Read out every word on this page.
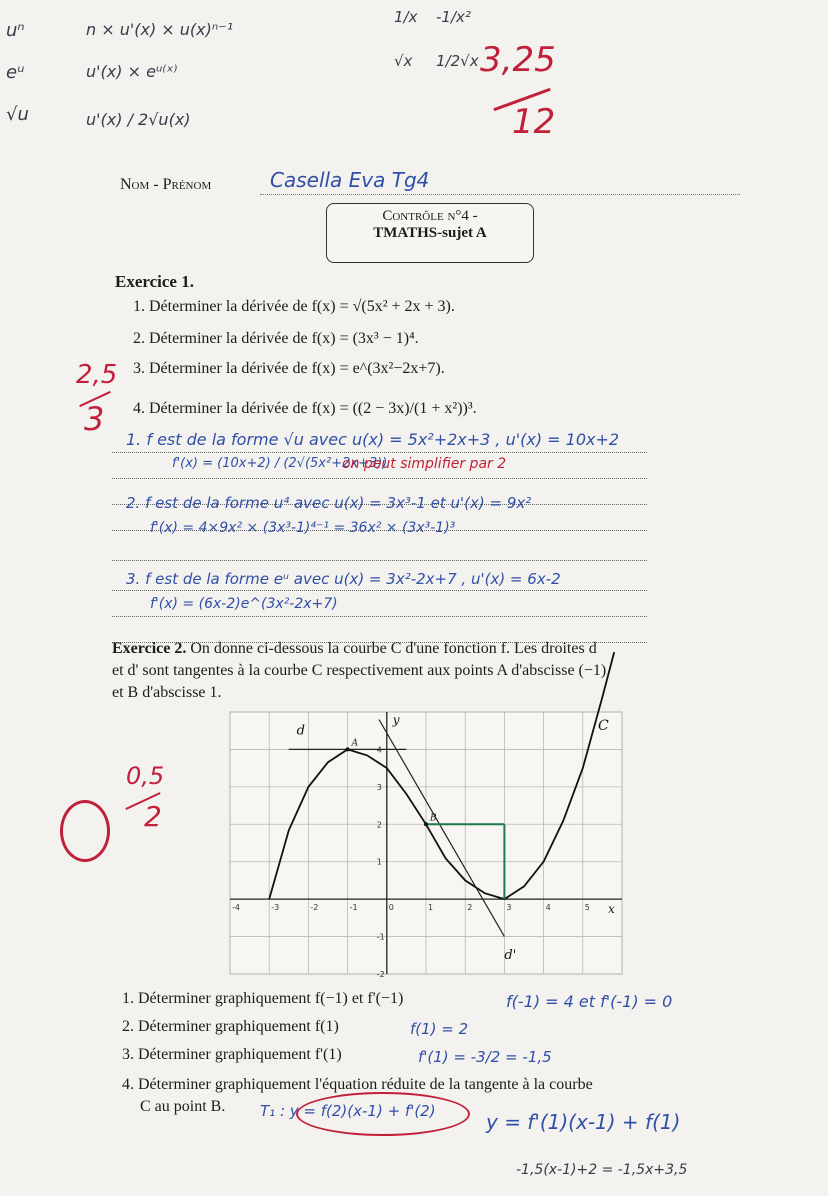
uⁿ	n × u'(x) × u(x)ⁿ⁻¹
eᵘ	u'(x) × eᵘ⁽ˣ⁾
√u	u'(x) / 2√u(x)
1/x -1/x²
√x 1/2√x 3,25
12
Nom - Prénom	Casella Eva Tg4
Contrôle n°4 -
TMATHS-sujet A
Exercice 1.
1. Déterminer la dérivée de f(x) = √(5x² + 2x + 3).
2. Déterminer la dérivée de f(x) = (3x³ − 1)⁴.
3. Déterminer la dérivée de f(x) = e^(3x²−2x+7).
4. Déterminer la dérivée de f(x) = ((2 − 3x)/(1 + x²))³.
2,5
3
1. f est de la forme √u avec u(x) = 5x²+2x+3 , u'(x) = 10x+2
f'(x) = (10x+2) / (2√(5x²+2x+3))
on peut simplifier par 2
2. f est de la forme u⁴ avec u(x) = 3x³-1 et u'(x) = 9x²
f'(x) = 4×9x² × (3x³-1)⁴⁻¹ = 36x² × (3x³-1)³
3. f est de la forme eᵘ avec u(x) = 3x²-2x+7 , u'(x) = 6x-2
f'(x) = (6x-2)e^(3x²-2x+7)
Exercice 2. On donne ci-dessous la courbe C d'une fonction f. Les droites d
et d' sont tangentes à la courbe C respectivement aux points A d'abscisse (−1)
et B d'abscisse 1.
0,5
2
-4	-3	-2	-1	0	1	2	3	4	5
-2
-1
1
2
3
4
A
B
C
d
d'
x
y
1. Déterminer graphiquement f(−1) et f'(−1)
2. Déterminer graphiquement f(1)
3. Déterminer graphiquement f'(1)
4. Déterminer graphiquement l'équation réduite de la tangente à la courbe
C au point B.
f(-1) = 4 et f'(-1) = 0
f(1) = 2
f'(1) = -3/2 = -1,5
T₁ : y = f(2)(x-1) + f'(2)	y = f'(1)(x-1) + f(1)
-1,5(x-1)+2 = -1,5x+3,5
